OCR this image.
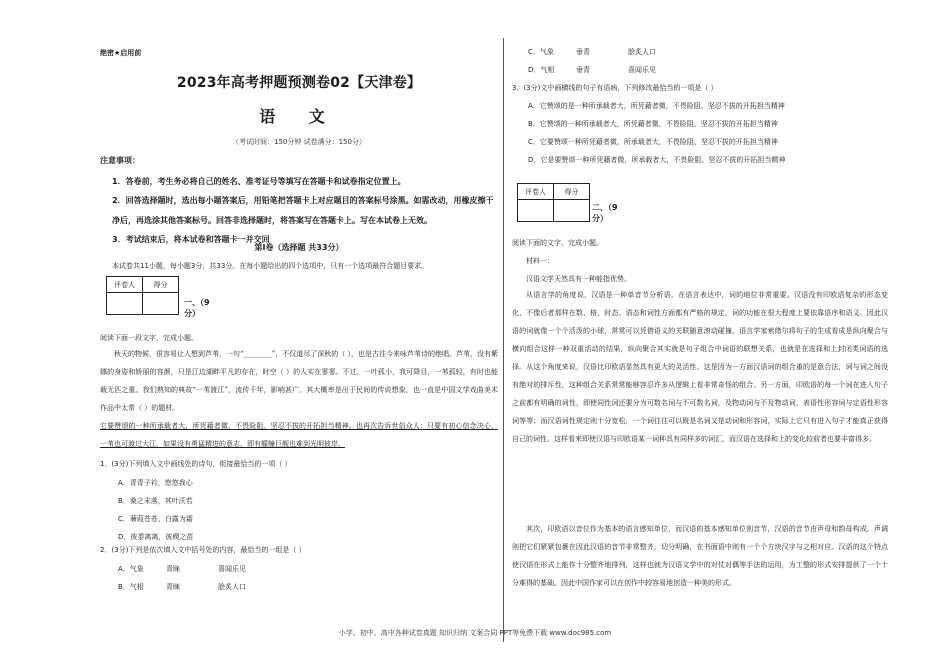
绝密★启用前
2023年高考押题预测卷02【天津卷】
语 文
（考试时间：150分钟 试卷满分：150分）
注意事项：
1．答卷前，考生务必将自己的姓名、准考证号等填写在答题卡和试卷指定位置上。
2．回答选择题时，选出每小题答案后，用铅笔把答题卡上对应题目的答案标号涂黑。如需改动，用橡皮擦干净后，再选涂其他答案标号。回答非选择题时，将答案写在答题卡上。写在本试卷上无效。
3．考试结束后，将本试卷和答题卡一并交回
第Ⅰ卷（选择题 共33分）
本试卷共11小题，每小题3分，共33分。在每小题给出的四个选项中，只有一个选项最符合题目要求。
评卷人	得分

一、（9分）
阅读下面一段文字，完成小题。
秋天的物候，很容易让人想到芦苇，一句“________”，不仅道尽了深秋的（ ），也是古往今来咏芦苇诗的绝唱。芦苇，没有紫娜的身姿和娇丽的容颜，只是江边湖畔平凡的存在，时空（ ）的人实在寥寥。不过，一叶孤小，我可降目，一苇孤轻，有时也能载无匹之重。我们熟知的典故“一苇渡江”，流传千年，影响甚广。其大概率是出于民间的传说想象，也一直是中国文学戏曲美术作品中太常（ ）的题材。
它要赞颂的一种所承载者大，所凭藉者微，不畏险阻、坚忍不拔的开拓担当精神。也再次告诉世俗众人：只要有初心信念决心，一苇也可渡过大江，如果没有勇猛精进的意志，即有艨艟巨舰也难到光明彼岸。
1．(3分)下列填入文中画线处的诗句，衔接最恰当的一项（ ）
A．青青子衿，悠悠我心
B．桑之未落，其叶沃若
C．蒹葭苍苍，白露为霜
D．彼黍离离，彼稷之苗
2．(3分)下列是依次填入文中括号处的内容，最恰当的一组是（ ）
A．气象	青睐	喜闻乐见
B．气相	青睐	脍炙人口
C．气象	垂青	脍炙人口
D．气相	垂青	喜闻乐见
3．(3分)文中画横线的句子有语病，下列修改最恰当的一项是（ ）
A．它赞颂的是一种所承载者大，所凭藉者微，不畏险阻、坚忍不拔的开拓担当精神
B．它赞颂的一种所承载者大，所凭藉者微，不畏险阻、坚忍不拔的开拓担当精神
C．它要赞颂一种所凭藉者微，所承载者大，不畏险阻、坚忍不拔的开拓担当精神
D．它是要赞颂一种所凭藉者微，所承载者大，不畏险阻、坚忍不拔的开拓担当精神
评卷人	得分

二、（9分）
阅读下面的文字，完成小题。
材料一：
汉语文学天然具有一种能指优势。
从语言学的角度说，汉语是一种单音节分析语，在语言表达中，词的地位非常重要。汉语没有印欧语复杂的形态变化，不像后者那样在数、格、时态、语态和词性方面都有严格的规定，词的功能在很大程度上要依靠语序和语义，因此汉语的词就像一个个活泼的小球，常常可以凭借语义的关联随意滚动碰撞。语言学家索绪尔将句子的生成看成是纵向聚合与横向组合这样一种双重活动的结果，纵向聚合其实就是句子组合中词语的联想关系，也就是在选择和上封闭类词语的选择。从这个角度来说，汉语比印欧语显然具有更大的灵活性。这是因为一方面汉语词的组合重的是意合法，词与词之间没有绝对的排斥性，这种组合关系常常能够容忍许多从逻辑上看非常奇怪的组合。另一方面，印欧语的每一个词在进入句子之前都有明确的词性，即使同性词还要分为可数名词与不可数名词，及物动词与不及物动词，表语性形容词与定语性形容词等等；而汉语词性规定则十分宽松，一个词往往可以既是名词又是动词和形容词，实际上它只有进入句子才能真正获得自己的词性。这样看来即使汉语与印欧语某一词种具有同样多的词汇，而汉语在选择和上的变化较前者也要丰富得多。
其次，印欧语以音位作为基本的语言感知单位，而汉语的基本感知单位则音节，汉语的音节由声母和韵母构成，声调则把它们紧紧包裹在因此汉语的音节非常整齐，切分明确，在书面语中则有一个个方块汉字与之相对应。汉语的这个特点使汉语在形式上能作十分整齐地排列，这样也就为汉语文学中的对仗对偶等手法的运用，为工整的形式安排提供了一个十分难得的基础。因此中国作家可以在创作中较容易地创造一种美的形式。
小学、初中、高中各种试卷真题 知识归纳 文案合同 PPT等免费下载 www.doc985.com
